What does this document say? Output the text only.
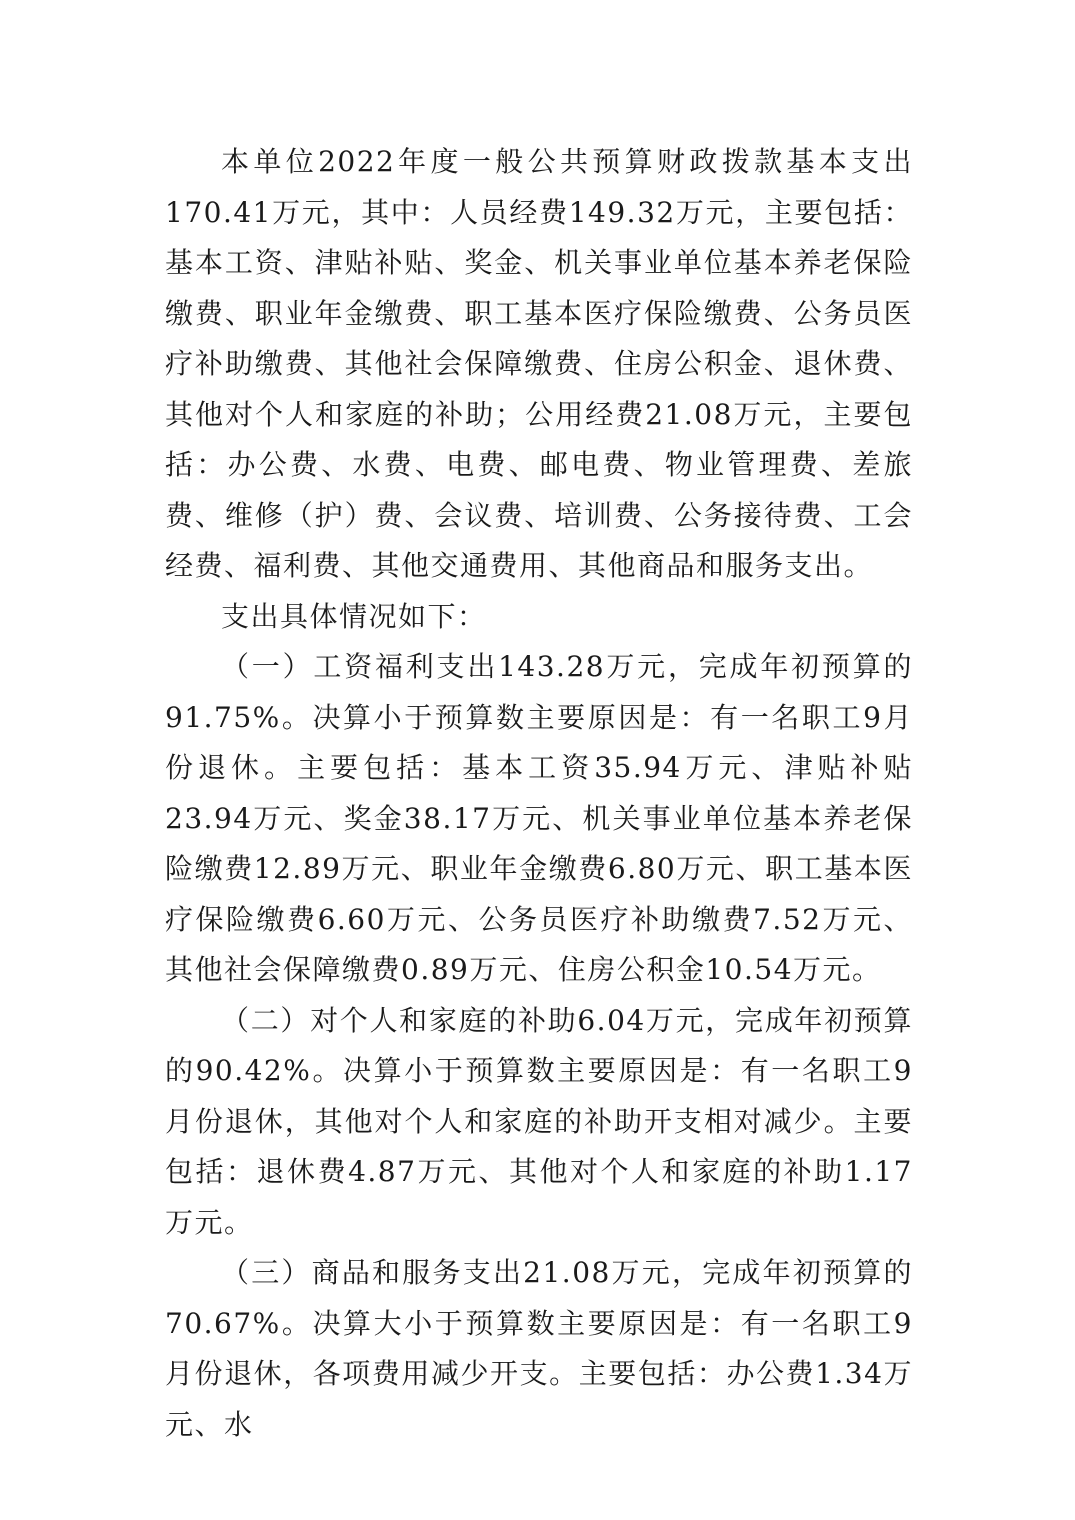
本单位2022年度一般公共预算财政拨款基本支出170.41万元，其中：人员经费149.32万元，主要包括：基本工资、津贴补贴、奖金、机关事业单位基本养老保险缴费、职业年金缴费、职工基本医疗保险缴费、公务员医疗补助缴费、其他社会保障缴费、住房公积金、退休费、其他对个人和家庭的补助；公用经费21.08万元，主要包括：办公费、水费、电费、邮电费、物业管理费、差旅费、维修（护）费、会议费、培训费、公务接待费、工会经费、福利费、其他交通费用、其他商品和服务支出。

支出具体情况如下：

（一）工资福利支出143.28万元，完成年初预算的91.75%。决算小于预算数主要原因是：有一名职工9月份退休。主要包括：基本工资35.94万元、津贴补贴23.94万元、奖金38.17万元、机关事业单位基本养老保险缴费12.89万元、职业年金缴费6.80万元、职工基本医疗保险缴费6.60万元、公务员医疗补助缴费7.52万元、其他社会保障缴费0.89万元、住房公积金10.54万元。

（二）对个人和家庭的补助6.04万元，完成年初预算的90.42%。决算小于预算数主要原因是：有一名职工9月份退休，其他对个人和家庭的补助开支相对减少。主要包括：退休费4.87万元、其他对个人和家庭的补助1.17万元。

（三）商品和服务支出21.08万元，完成年初预算的70.67%。决算大小于预算数主要原因是：有一名职工9月份退休，各项费用减少开支。主要包括：办公费1.34万元、水
